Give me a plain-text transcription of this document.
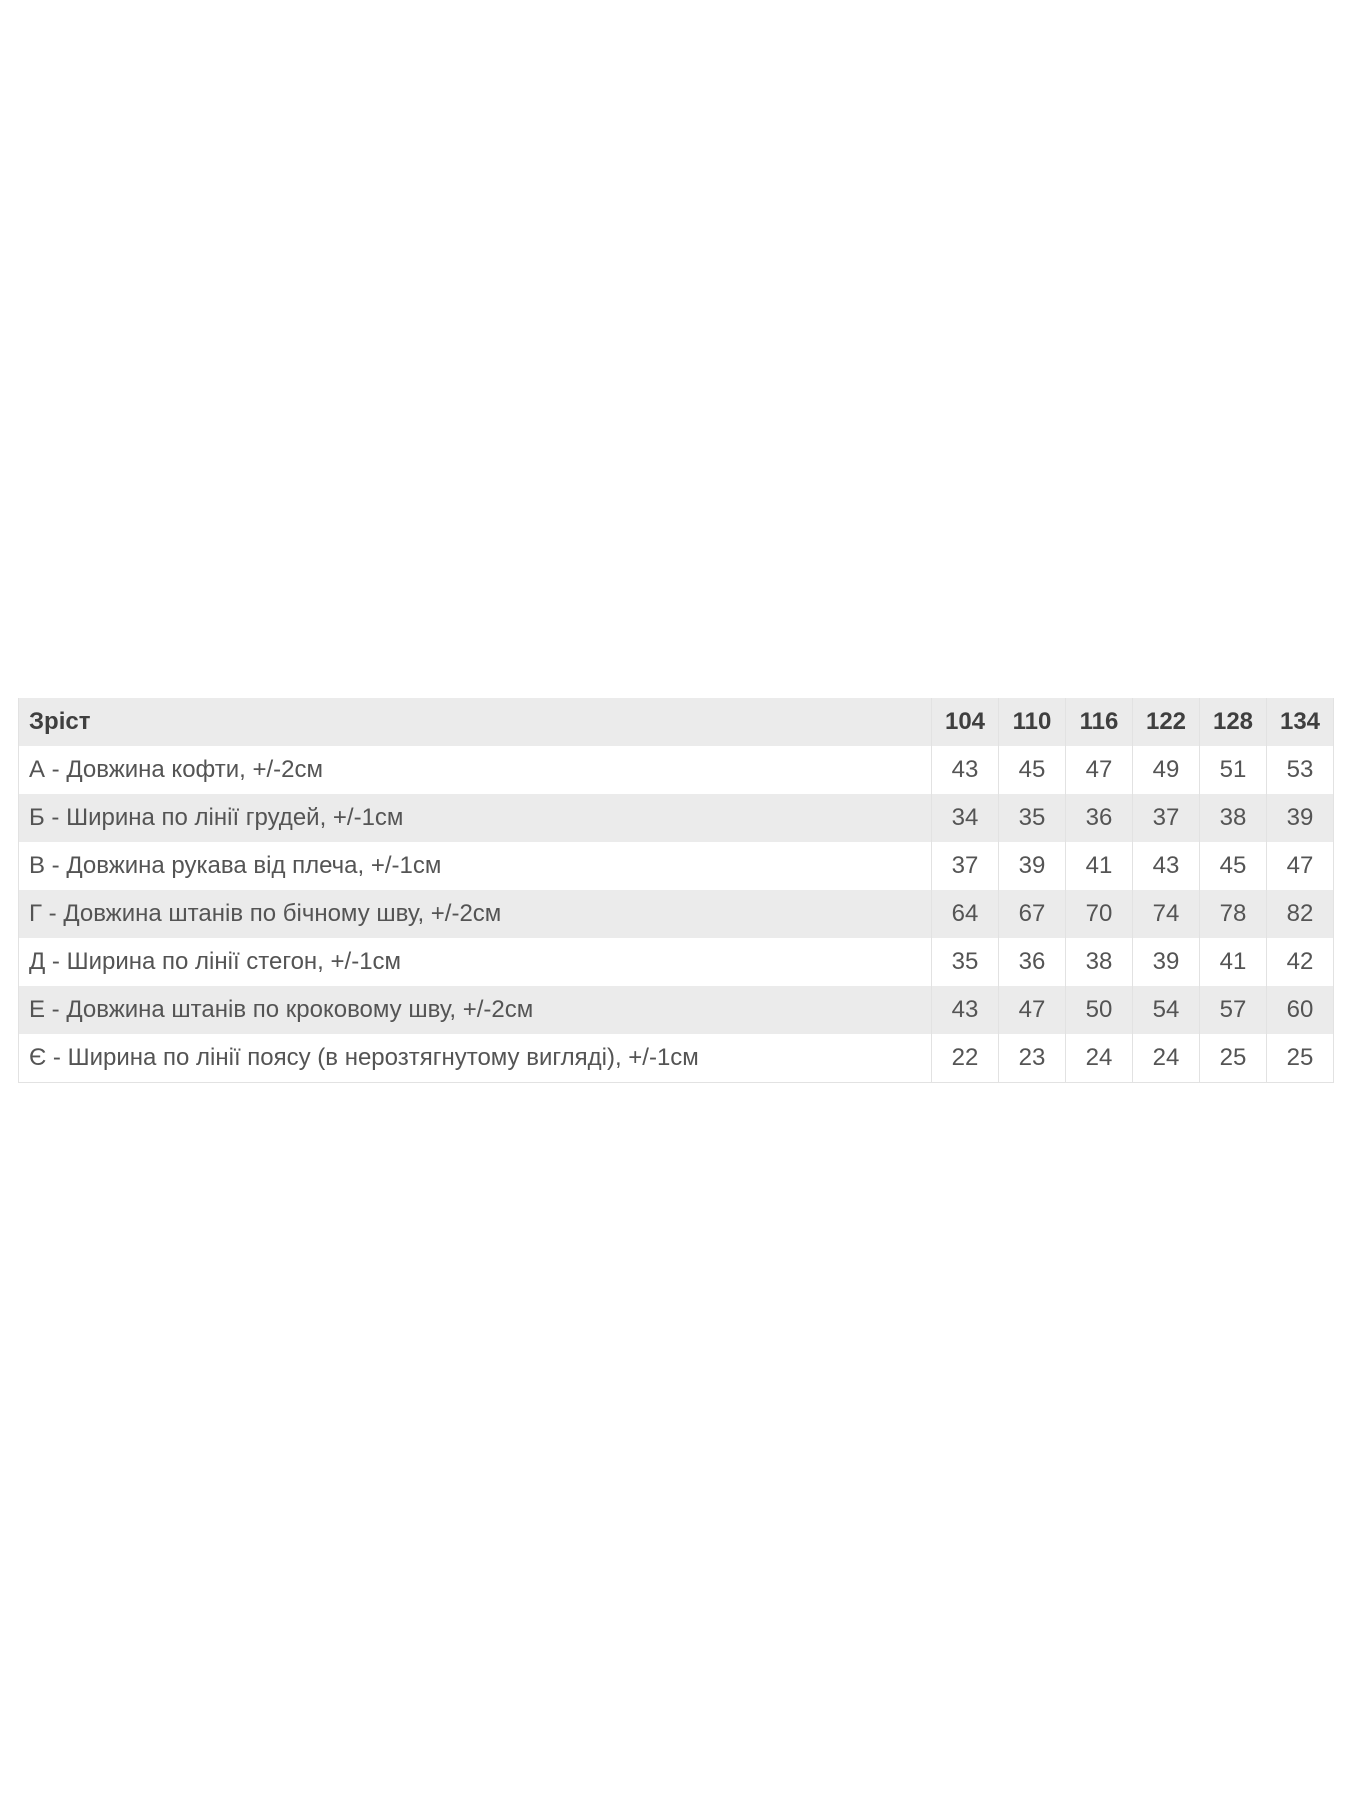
Зріст	104	110	116	122	128	134
А - Довжина кофти, +/-2см	43	45	47	49	51	53
Б - Ширина по лінії грудей, +/-1см	34	35	36	37	38	39
В - Довжина рукава від плеча, +/-1см	37	39	41	43	45	47
Г - Довжина штанів по бічному шву, +/-2см	64	67	70	74	78	82
Д - Ширина по лінії стегон, +/-1см	35	36	38	39	41	42
Е - Довжина штанів по кроковому шву, +/-2см	43	47	50	54	57	60
Є - Ширина по лінії поясу (в нерозтягнутому вигляді), +/-1см	22	23	24	24	25	25
